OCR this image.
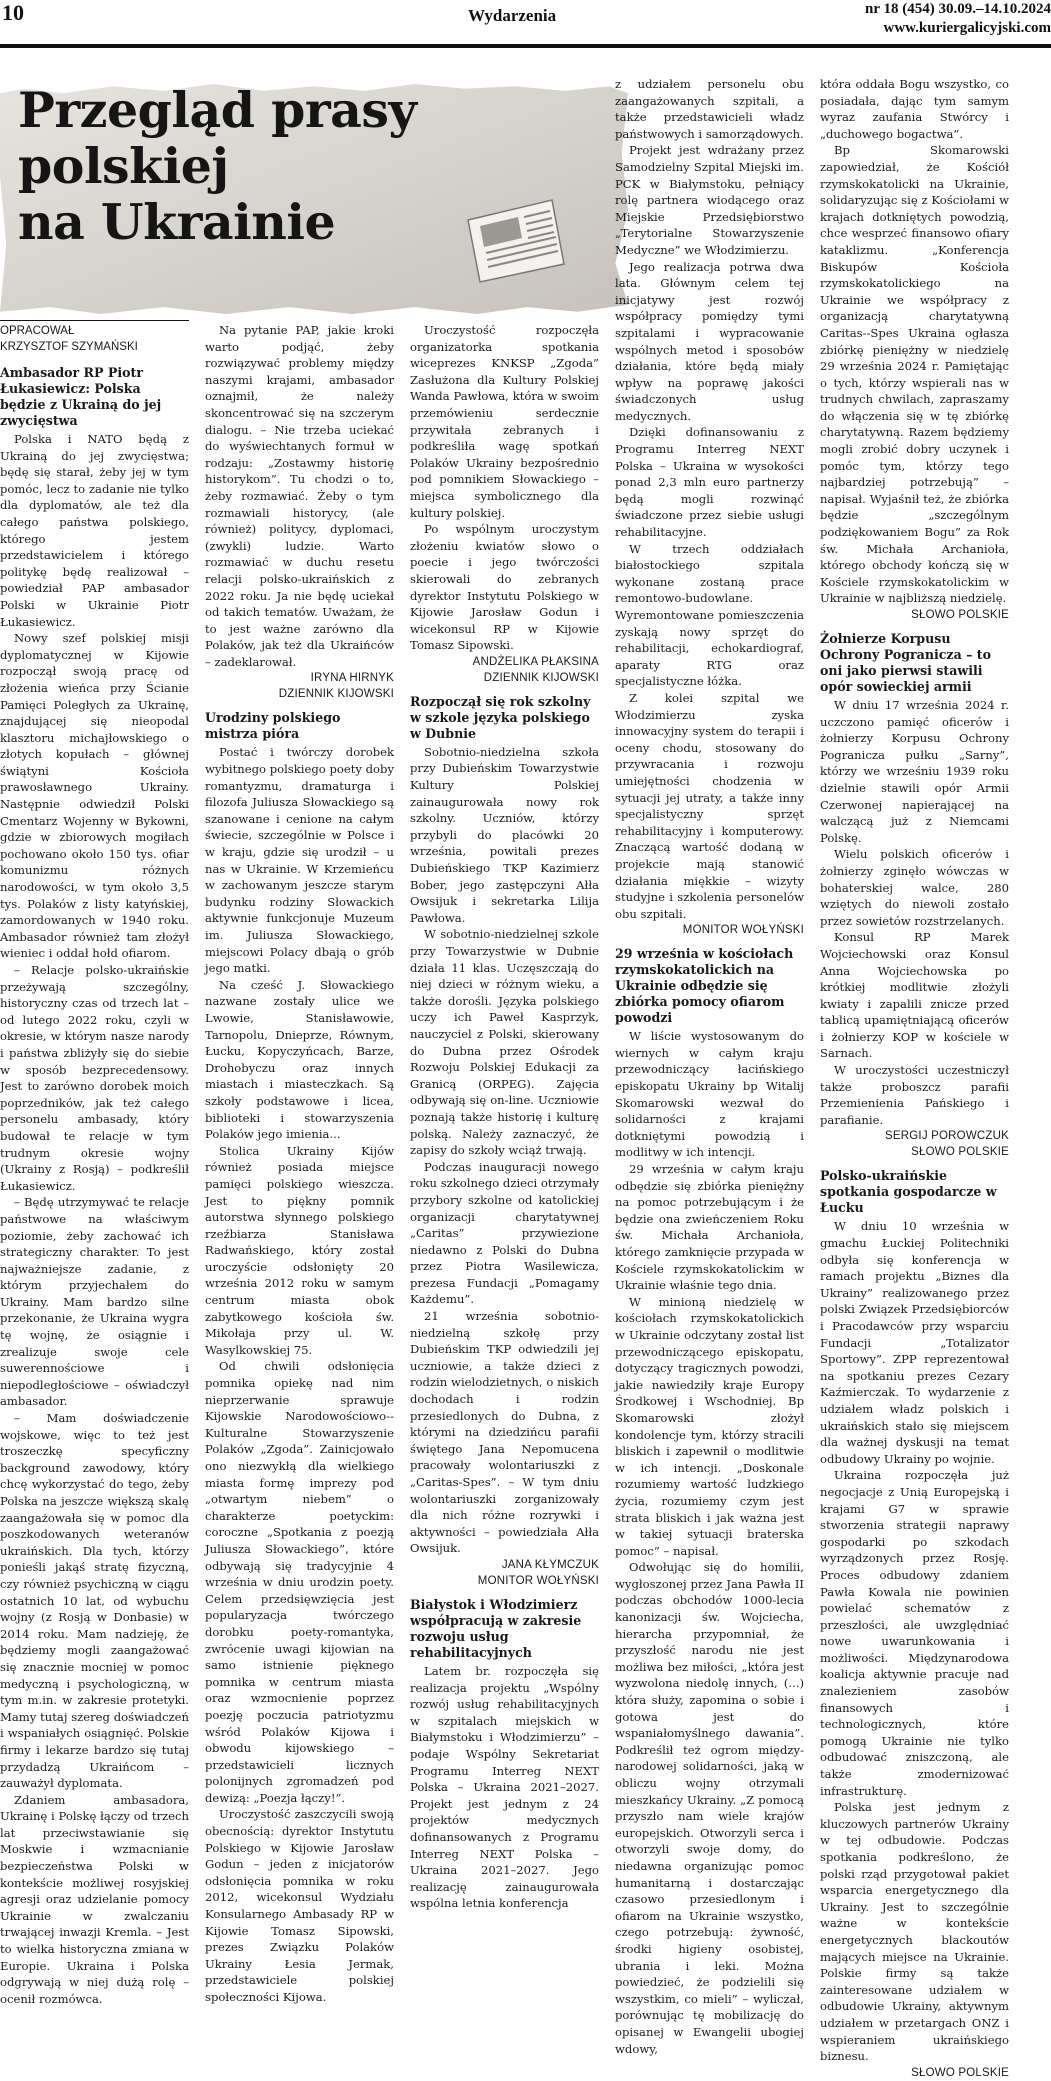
10	Wydarzenia	nr 18 (454) 30.09.–14.10.2024
www.kuriergalicyjski.com
Przegląd prasy
polskiej
na Ukrainie
OPRACOWAŁ
KRZYSZTOF SZYMAŃSKI
Ambasador RP Piotr Łukasiewicz: Polska będzie z Ukrainą do jej zwycięstwa

Polska i NATO będą z Ukrainą do jej zwycięstwa; będę się starał, żeby jej w tym pomóc, lecz to zadanie nie tylko dla dyplomatów, ale też dla całego państwa polskiego, którego jestem przedstawicielem i którego politykę będę realizował – powiedział PAP ambasador Polski w Ukrainie Piotr Łukasiewicz.

Nowy szef polskiej misji dyplomatycznej w Kijowie rozpoczął swoją pracę od złożenia wieńca przy Ścianie Pamięci Poległych za Ukrainę, znajdującej się nieopodal klasztoru michajłowskiego o złotych kopułach – głównej świątyni Kościoła prawosławnego Ukrainy. Następnie odwiedził Polski Cmentarz Wojenny w Bykowni, gdzie w zbiorowych mogiłach pochowano około 150 tys. ofiar komunizmu różnych narodowości, w tym około 3,5 tys. Polaków z listy katyńskiej, zamordowanych w 1940 roku. Ambasador również tam złożył wieniec i oddał hołd ofiarom.

– Relacje polsko-ukraińskie przeżywają szczególny, historyczny czas od trzech lat – od lutego 2022 roku, czyli w okresie, w którym nasze narody i państwa zbliżyły się do siebie w sposób bezprecedensowy. Jest to zarówno dorobek moich poprzedników, jak też całego personelu ambasady, który budował te relacje w tym trudnym okresie wojny (Ukrainy z Rosją) – podkreślił Łukasiewicz.

– Będę utrzymywać te relacje państwowe na właściwym poziomie, żeby zachować ich strategiczny charakter. To jest najważniejsze zadanie, z którym przyjechałem do Ukrainy. Mam bardzo silne przekonanie, że Ukraina wygra tę wojnę, że osiągnie i zrealizuje swoje cele suwerennościowe i niepodległościowe – oświadczył ambasador.

– Mam doświadczenie wojskowe, więc to też jest troszeczkę specyficzny background zawodowy, który chcę wykorzystać do tego, żeby Polska na jeszcze większą skalę zaangażowała się w pomoc dla poszkodowanych weteranów ukraińskich. Dla tych, którzy ponieśli jakąś stratę fizyczną, czy również psychiczną w ciągu ostatnich 10 lat, od wybuchu wojny (z Rosją w Donbasie) w 2014 roku. Mam nadzieję, że będziemy mogli zaangażować się znacznie mocniej w pomoc medyczną i psychologiczną, w tym m.in. w zakresie protetyki. Mamy tutaj szereg doświadczeń i wspaniałych osiągnięć. Polskie firmy i lekarze bardzo się tutaj przydadzą Ukraińcom – zauważył dyplomata.

Zdaniem ambasadora, Ukrainę i Polskę łączy od trzech lat przeciwstawianie się Moskwie i wzmacnianie bezpieczeństwa Polski w kontekście możliwej rosyjskiej agresji oraz udzielanie pomocy Ukrainie w zwalczaniu trwającej inwazji Kremla. – Jest to wielka historyczna zmiana w Europie. Ukraina i Polska odgrywają w niej dużą rolę – ocenił rozmówca.

Na pytanie PAP, jakie kroki warto podjąć, żeby rozwiązywać problemy między naszymi krajami, ambasador oznajmił, że należy skoncentrować się na szczerym dialogu. – Nie trzeba uciekać do wyświechtanych formuł w rodzaju: „Zostawmy historię historykom”. Tu chodzi o to, żeby rozmawiać. Żeby o tym rozmawiali historycy, (ale również) politycy, dyplomaci, (zwykli) ludzie. Warto rozmawiać w duchu resetu relacji polsko-ukraińskich z 2022 roku. Ja nie będę uciekał od takich tematów. Uważam, że to jest ważne zarówno dla Polaków, jak też dla Ukraińców – zadeklarował.

IRYNA HIRNYK
DZIENNIK KIJOWSKI
Urodziny polskiego mistrza pióra

Postać i twórczy dorobek wybitnego polskiego poety doby romantyzmu, dramaturga i filozofa Juliusza Słowackiego są szanowane i cenione na całym świecie, szczególnie w Polsce i w kraju, gdzie się urodził – u nas w Ukrainie. W Krzemieńcu w zachowanym jeszcze starym budynku rodziny Słowackich aktywnie funkcjonuje Muzeum im. Juliusza Słowackiego, miejscowi Polacy dbają o grób jego matki.

Na cześć J. Słowackiego nazwane zostały ulice we Lwowie, Stanisławowie, Tarnopolu, Dnieprze, Równym, Łucku, Kopyczyńcach, Barze, Drohobyczu oraz innych miastach i miasteczkach. Są szkoły podstawowe i licea, biblioteki i stowarzyszenia Polaków jego imienia...

Stolica Ukrainy Kijów również posiada miejsce pamięci polskiego wieszcza. Jest to piękny pomnik autorstwa słynnego polskiego rzeźbiarza Stanisława Radwańskiego, który został uroczyście odsłonięty 20 września 2012 roku w samym centrum miasta obok zabytkowego kościoła św. Mikołaja przy ul. W. Wasylkowskiej 75.

Od chwili odsłonięcia pomnika opiekę nad nim nieprzerwanie sprawuje Kijowskie Narodowościowo--Kulturalne Stowarzyszenie Polaków „Zgoda”. Zainicjowało ono niezwykłą dla wielkiego miasta formę imprezy pod „otwartym niebem” o charakterze poetyckim: coroczne „Spotkania z poezją Juliusza Słowackiego”, które odbywają się tradycyjnie 4 września w dniu urodzin poety. Celem przedsięwzięcia jest popularyzacja twórczego dorobku poety-romantyka, zwrócenie uwagi kijowian na samo istnienie pięknego pomnika w centrum miasta oraz wzmocnienie poprzez poezję poczucia patriotyzmu wśród Polaków Kijowa i obwodu kijowskiego – przedstawicieli licznych polonijnych zgromadzeń pod dewizą: „Poezja łączy!”.

Uroczystość zaszczycili swoją obecnością: dyrektor Instytutu Polskiego w Kijowie Jarosław Godun – jeden z inicjatorów odsłonięcia pomnika w roku 2012, wicekonsul Wydziału Konsularnego Ambasady RP w Kijowie Tomasz Sipowski, prezes Związku Polaków Ukrainy Łesia Jermak, przedstawiciele polskiej społeczności Kijowa.

Uroczystość rozpoczęła organizatorka spotkania wiceprezes KNKSP „Zgoda” Zasłużona dla Kultury Polskiej Wanda Pawłowa, która w swoim przemówieniu serdecznie przywitała zebranych i podkreśliła wagę spotkań Polaków Ukrainy bezpośrednio pod pomnikiem Słowackiego – miejsca symbolicznego dla kultury polskiej.

Po wspólnym uroczystym złożeniu kwiatów słowo o poecie i jego twórczości skierowali do zebranych dyrektor Instytutu Polskiego w Kijowie Jarosław Godun i wicekonsul RP w Kijowie Tomasz Sipowski.

ANDŻELIKA PŁAKSINA
DZIENNIK KIJOWSKI
Rozpoczął się rok szkolny w szkole języka polskiego w Dubnie

Sobotnio-niedzielna szkoła przy Dubieńskim Towarzystwie Kultury Polskiej zainaugurowała nowy rok szkolny. Uczniów, którzy przybyli do placówki 20 września, powitali prezes Dubieńskiego TKP Kazimierz Bober, jego zastępczyni Ałła Owsijuk i sekretarka Lilija Pawłowa.

W sobotnio-niedzielnej szkole przy Towarzystwie w Dubnie działa 11 klas. Uczęszczają do niej dzieci w różnym wieku, a także dorośli. Języka polskiego uczy ich Paweł Kasprzyk, nauczyciel z Polski, skierowany do Dubna przez Ośrodek Rozwoju Polskiej Edukacji za Granicą (ORPEG). Zajęcia odbywają się on-line. Uczniowie poznają także historię i kulturę polską. Należy zaznaczyć, że zapisy do szkoły wciąż trwają.

Podczas inauguracji nowego roku szkolnego dzieci otrzymały przybory szkolne od katolickiej organizacji charytatywnej „Caritas” przywiezione niedawno z Polski do Dubna przez Piotra Wasilewicza, prezesa Fundacji „Pomagamy Każdemu”.

21 września sobotnio-niedzielną szkołę przy Dubieńskim TKP odwiedzili jej uczniowie, a także dzieci z rodzin wielodzietnych, o niskich dochodach i rodzin przesiedlonych do Dubna, z którymi na dziedzińcu parafii świętego Jana Nepomucena pracowały wolontariuszki z „Caritas-Spes”. – W tym dniu wolontariuszki zorganizowały dla nich różne rozrywki i aktywności – powiedziała Ałła Owsijuk.

JANA KŁYMCZUK
MONITOR WOŁYŃSKI
Białystok i Włodzimierz współpracują w zakresie rozwoju usług rehabilitacyjnych

Latem br. rozpoczęła się realizacja projektu „Wspólny rozwój usług rehabilitacyjnych w szpitalach miejskich w Białymstoku i Włodzimierzu” – podaje Wspólny Sekretariat Programu Interreg NEXT Polska – Ukraina 2021–2027. Projekt jest jednym z 24 projektów medycznych dofinansowanych z Programu Interreg NEXT Polska – Ukraina 2021–2027. Jego realizację zainaugurowała wspólna letnia konferencja

z udziałem personelu obu zaangażowanych szpitali, a także przedstawicieli władz państwowych i samorządowych.

Projekt jest wdrażany przez Samodzielny Szpital Miejski im. PCK w Białymstoku, pełniący rolę partnera wiodącego oraz Miejskie Przedsiębiorstwo „Terytorialne Stowarzyszenie Medyczne” we Włodzimierzu.

Jego realizacja potrwa dwa lata. Głównym celem tej inicjatywy jest rozwój współpracy pomiędzy tymi szpitalami i wypracowanie wspólnych metod i sposobów działania, które będą miały wpływ na poprawę jakości świadczonych usług medycznych.

Dzięki dofinansowaniu z Programu Interreg NEXT Polska – Ukraina w wysokości ponad 2,3 mln euro partnerzy będą mogli rozwinąć świadczone przez siebie usługi rehabilitacyjne.

W trzech oddziałach białostockiego szpitala wykonane zostaną prace remontowo-budowlane. Wyremontowane pomieszczenia zyskają nowy sprzęt do rehabilitacji, echokardiograf, aparaty RTG oraz specjalistyczne łóżka.

Z kolei szpital we Włodzimierzu zyska innowacyjny system do terapii i oceny chodu, stosowany do przywracania i rozwoju umiejętności chodzenia w sytuacji jej utraty, a także inny specjalistyczny sprzęt rehabilitacyjny i komputerowy. Znaczącą wartość dodaną w projekcie mają stanowić działania miękkie – wizyty studyjne i szkolenia personelów obu szpitali.

MONITOR WOŁYŃSKI
29 września w kościołach rzymskokatolickich na Ukrainie odbędzie się zbiórka pomocy ofiarom powodzi

W liście wystosowanym do wiernych w całym kraju przewodniczący łacińskiego episkopatu Ukrainy bp Witalij Skomarowski wezwał do solidarności z krajami dotkniętymi powodzią i modlitwy w ich intencji.

29 września w całym kraju odbędzie się zbiórka pieniężny na pomoc potrzebującym i że będzie ona zwieńczeniem Roku św. Michała Archanioła, którego zamknięcie przypada w Kościele rzymskokatolickim w Ukrainie właśnie tego dnia.

W minioną niedzielę w kościołach rzymskokatolickich w Ukrainie odczytany został list przewodniczącego episkopatu, dotyczący tragicznych powodzi, jakie nawiedziły kraje Europy Środkowej i Wschodniej. Bp Skomarowski złożył kondolencje tym, którzy stracili bliskich i zapewnił o modlitwie w ich intencji. „Doskonale rozumiemy wartość ludzkiego życia, rozumiemy czym jest strata bliskich i jak ważna jest w takiej sytuacji braterska pomoc” – napisał.

Odwołując się do homilii, wygłoszonej przez Jana Pawła II podczas obchodów 1000-lecia kanonizacji św. Wojciecha, hierarcha przypomniał, że przyszłość narodu nie jest możliwa bez miłości, „która jest wyzwolona niedolę innych, (...) która służy, zapomina o sobie i gotowa jest do wspaniałomyślnego dawania”. Podkreślił też ogrom między-narodowej solidarności, jaką w obliczu wojny otrzymali mieszkańcy Ukrainy. „Z pomocą przyszło nam wiele krajów europejskich. Otworzyli serca i otworzyli swoje domy, do niedawna organizując pomoc humanitarną i dostarczając czasowo przesiedlonym i ofiarom na Ukrainie wszystko, czego potrzebują: żywność, środki higieny osobistej, ubrania i leki. Można powiedzieć, że podzielili się wszystkim, co mieli” – wyliczał, porównując tę mobilizację do opisanej w Ewangelii ubogiej wdowy,

która oddała Bogu wszystko, co posiadała, dając tym samym wyraz zaufania Stwórcy i „duchowego bogactwa”.

Bp Skomarowski zapowiedział, że Kościół rzymskokatolicki na Ukrainie, solidaryzując się z Kościołami w krajach dotkniętych powodzią, chce wesprzeć finansowo ofiary kataklizmu. „Konferencja Biskupów Kościoła rzymskokatolickiego na Ukrainie we współpracy z organizacją charytatywną Caritas--Spes Ukraina ogłasza zbiórkę pieniężny w niedzielę 29 września 2024 r. Pamiętając o tych, którzy wspierali nas w trudnych chwilach, zapraszamy do włączenia się w tę zbiórkę charytatywną. Razem będziemy mogli zrobić dobry uczynek i pomóc tym, którzy tego najbardziej potrzebują” – napisał. Wyjaśnił też, że zbiórka będzie „szczególnym podziękowaniem Bogu” za Rok św. Michała Archanioła, którego obchody kończą się w Kościele rzymskokatolickim w Ukrainie w najbliższą niedzielę.

SŁOWO POLSKIE
Żołnierze Korpusu Ochrony Pogranicza – to oni jako pierwsi stawili opór sowieckiej armii

W dniu 17 września 2024 r. uczczono pamięć oficerów i żołnierzy Korpusu Ochrony Pogranicza pułku „Sarny”, którzy we wrześniu 1939 roku dzielnie stawili opór Armii Czerwonej napierającej na walczącą już z Niemcami Polskę.

Wielu polskich oficerów i żołnierzy zginęło wówczas w bohaterskiej walce, 280 wziętych do niewoli zostało przez sowietów rozstrzelanych.

Konsul RP Marek Wojciechowski oraz Konsul Anna Wojciechowska po krótkiej modlitwie złożyli kwiaty i zapalili znicze przed tablicą upamiętniającą oficerów i żołnierzy KOP w kościele w Sarnach.

W uroczystości uczestniczył także proboszcz parafii Przemienienia Pańskiego i parafianie.

SERGIJ POROWCZUK
SŁOWO POLSKIE
Polsko-ukraińskie spotkania gospodarcze w Łucku

W dniu 10 września w gmachu Łuckiej Politechniki odbyła się konferencja w ramach projektu „Biznes dla Ukrainy” realizowanego przez polski Związek Przedsiębiorców i Pracodawców przy wsparciu Fundacji „Totalizator Sportowy”. ZPP reprezentował na spotkaniu prezes Cezary Kaźmierczak. To wydarzenie z udziałem władz polskich i ukraińskich stało się miejscem dla ważnej dyskusji na temat odbudowy Ukrainy po wojnie.

Ukraina rozpoczęła już negocjacje z Unią Europejską i krajami G7 w sprawie stworzenia strategii naprawy gospodarki po szkodach wyrządzonych przez Rosję. Proces odbudowy zdaniem Pawła Kowala nie powinien powielać schematów z przeszłości, ale uwzględniać nowe uwarunkowania i możliwości. Międzynarodowa koalicja aktywnie pracuje nad znalezieniem zasobów finansowych i technologicznych, które pomogą Ukrainie nie tylko odbudować zniszczoną, ale także zmodernizować infrastrukturę.

Polska jest jednym z kluczowych partnerów Ukrainy w tej odbudowie. Podczas spotkania podkreślono, że polski rząd przygotował pakiet wsparcia energetycznego dla Ukrainy. Jest to szczególnie ważne w kontekście energetycznych blackoutów mających miejsce na Ukrainie. Polskie firmy są także zainteresowane udziałem w odbudowie Ukrainy, aktywnym udziałem w przetargach ONZ i wspieraniem ukraińskiego biznesu.

SŁOWO POLSKIE
